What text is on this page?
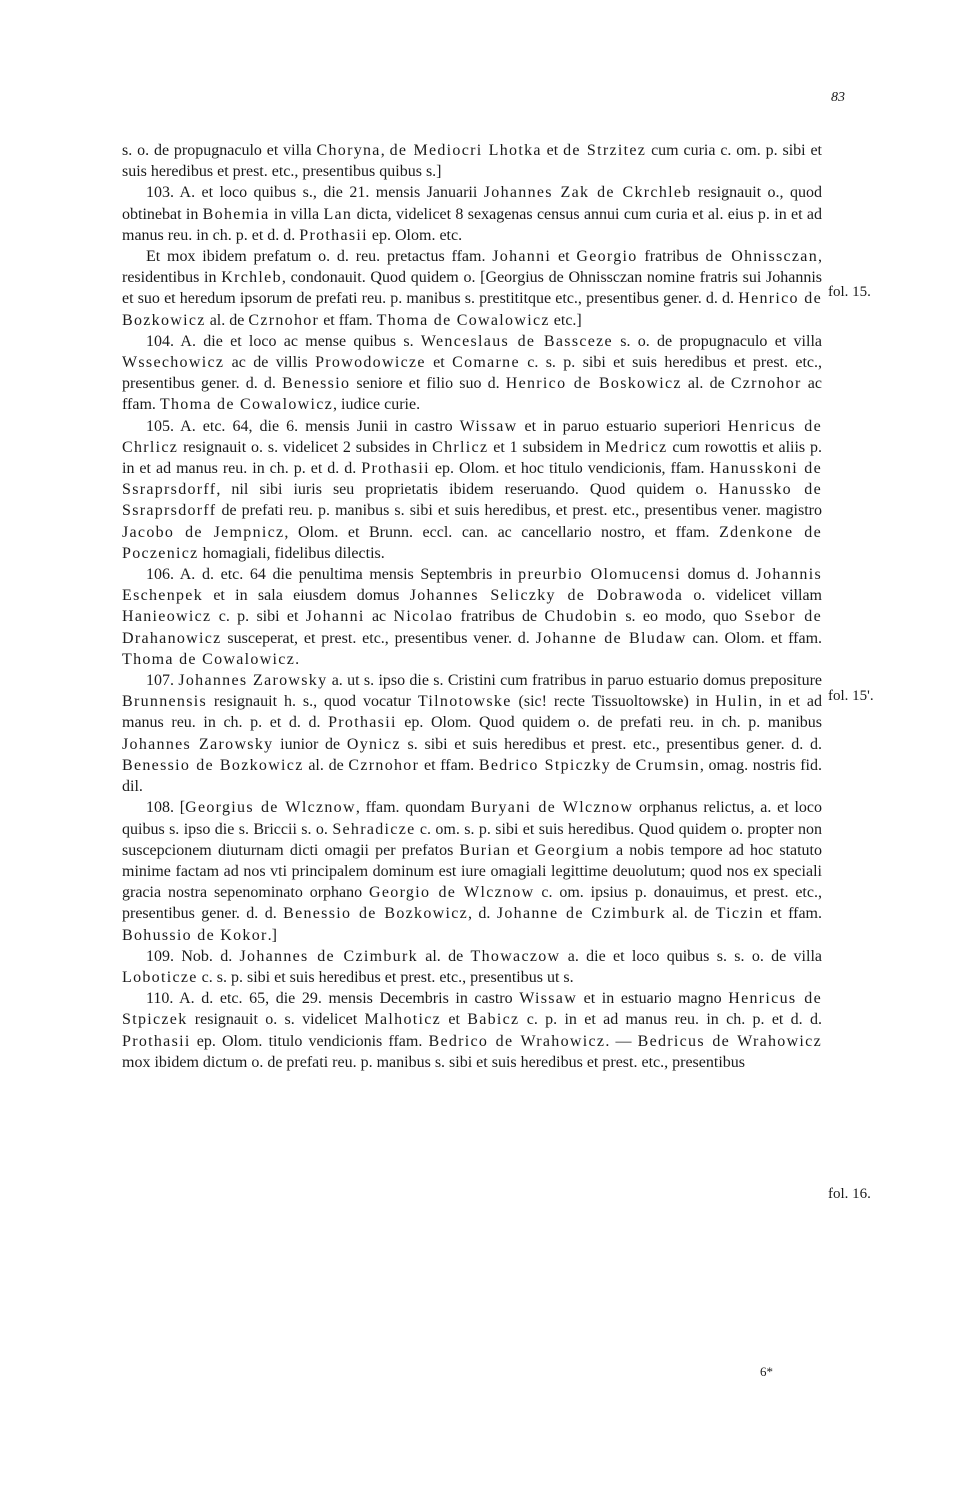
83

s. o. de propugnaculo et villa Choryna, de Mediocri Lhotka et de Strzitez cum curia c. om. p. sibi et suis heredibus et prest. etc., presentibus quibus s.]

103. A. et loco quibus s., die 21. mensis Januarii Johannes Zak de Ckrchleb resignauit o., quod obtinebat in Bohemia in villa Lan dicta, videlicet 8 sexagenas census annui cum curia et al. eius p. in et ad manus reu. in ch. p. et d. d. Prothasii ep. Olom. etc.

Et mox ibidem prefatum o. d. reu. pretactus ffam. Johanni et Georgio fratribus de Ohnissczan, residentibus in Krchleb, condonauit. Quod quidem o. [Georgius de Ohnissczan nomine fratris sui Johannis et suo et heredum ipsorum de prefati reu. p. manibus s. prestititque etc., presentibus gener. d. d. Henrico de Bozkowicz al. de Czrnohor et ffam. Thoma de Cowalowicz etc.]

104. A. die et loco ac mense quibus s. Wenceslaus de Bassceze s. o. de propugnaculo et villa Wssechowicz ac de villis Prowodowicze et Comarne c. s. p. sibi et suis heredibus et prest. etc., presentibus gener. d. d. Benessio seniore et filio suo d. Henrico de Boskowicz al. de Czrnohor ac ffam. Thoma de Cowalowicz, iudice curie.

105. A. etc. 64, die 6. mensis Junii in castro Wissaw et in paruo estuario superiori Henricus de Chrlicz resignauit o. s. videlicet 2 subsides in Chrlicz et 1 subsidem in Medricz cum rowottis et aliis p. in et ad manus reu. in ch. p. et d. d. Prothasii ep. Olom. et hoc titulo vendicionis, ffam. Hanusskoni de Ssraprsdorff, nil sibi iuris seu proprietatis ibidem reseruando. Quod quidem o. Hanussko de Ssraprsdorff de prefati reu. p. manibus s. sibi et suis heredibus, et prest. etc., presentibus vener. magistro Jacobo de Jempnicz, Olom. et Brunn. eccl. can. ac cancellario nostro, et ffam. Zdenkone de Poczenicz homagiali, fidelibus dilectis.

106. A. d. etc. 64 die penultima mensis Septembris in preurbio Olomucensi domus d. Johannis Eschenpek et in sala eiusdem domus Johannes Seliczky de Dobrawoda o. videlicet villam Hanieowicz c. p. sibi et Johanni ac Nicolao fratribus de Chudobin s. eo modo, quo Ssebor de Drahanowicz susceperat, et prest. etc., presentibus vener. d. Johanne de Bludaw can. Olom. et ffam. Thoma de Cowalowicz.

107. Johannes Zarowsky a. ut s. ipso die s. Cristini cum fratribus in paruo estuario domus prepositure Brunnensis resignauit h. s., quod vocatur Tilnotowske (sic! recte Tissuoltowske) in Hulin, in et ad manus reu. in ch. p. et d. d. Prothasii ep. Olom. Quod quidem o. de prefati reu. in ch. p. manibus Johannes Zarowsky iunior de Oynicz s. sibi et suis heredibus et prest. etc., presentibus gener. d. d. Benessio de Bozkowicz al. de Czrnohor et ffam. Bedrico Stpiczky de Crumsin, omag. nostris fid. dil.

108. [Georgius de Wlcznow, ffam. quondam Buryani de Wlcznow orphanus relictus, a. et loco quibus s. ipso die s. Briccii s. o. Sehradicze c. om. s. p. sibi et suis heredibus. Quod quidem o. propter non suscepcionem diuturnam dicti omagii per prefatos Burian et Georgium a nobis tempore ad hoc statuto minime factam ad nos vti principalem dominum est iure omagiali legittime deuolutum; quod nos ex speciali gracia nostra sepenominato orphano Georgio de Wlcznow c. om. ipsius p. donauimus, et prest. etc., presentibus gener. d. d. Benessio de Bozkowicz, d. Johanne de Czimburk al. de Ticzin et ffam. Bohussio de Kokor.]

109. Nob. d. Johannes de Czimburk al. de Thowaczow a. die et loco quibus s. s. o. de villa Loboticze c. s. p. sibi et suis heredibus et prest. etc., presentibus ut s.

110. A. d. etc. 65, die 29. mensis Decembris in castro Wissaw et in estuario magno Henricus de Stpiczek resignauit o. s. videlicet Malhoticz et Babicz c. p. in et ad manus reu. in ch. p. et d. d. Prothasii ep. Olom. titulo vendicionis ffam. Bedrico de Wrahowicz. — Bedricus de Wrahowicz mox ibidem dictum o. de prefati reu. p. manibus s. sibi et suis heredibus et prest. etc., presentibus

fol. 15.
fol. 15'.
fol. 16.
6*
